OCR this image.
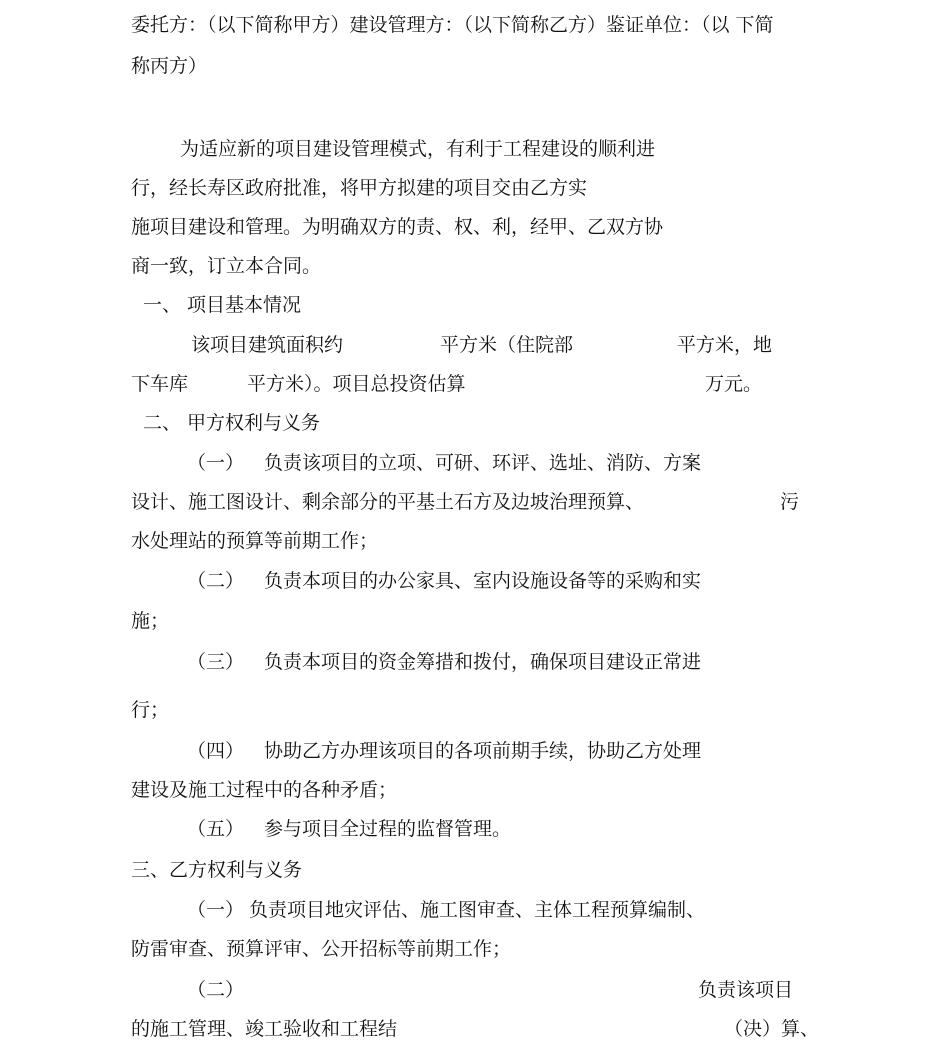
委托方：（以下简称甲方）建设管理方：（以下简称乙方）鉴证单位：（以 下简
称丙方）
为适应新的项目建设管理模式，有利于工程建设的顺利进
行，经长寿区政府批准，将甲方拟建的项目交由乙方实
施项目建设和管理。为明确双方的责、权、利，经甲、乙双方协
商一致，订立本合同。
一、 项目基本情况
该项目建筑面积约	平方米（住院部	平方米，地
下车库	平方米）。项目总投资估算	万元。
二、 甲方权利与义务
（一） 负责该项目的立项、可研、环评、选址、消防、方案
设计、施工图设计、剩余部分的平基土石方及边坡治理预算、	污
水处理站的预算等前期工作；
（二） 负责本项目的办公家具、室内设施设备等的采购和实
施；
（三） 负责本项目的资金筹措和拨付，确保项目建设正常进
行；
（四） 协助乙方办理该项目的各项前期手续，协助乙方处理
建设及施工过程中的各种矛盾；
（五） 参与项目全过程的监督管理。
三、乙方权利与义务
（一） 负责项目地灾评估、施工图审查、主体工程预算编制、
防雷审查、预算评审、公开招标等前期工作；
（二）	负责该项目
的施工管理、竣工验收和工程结	（决）算、
